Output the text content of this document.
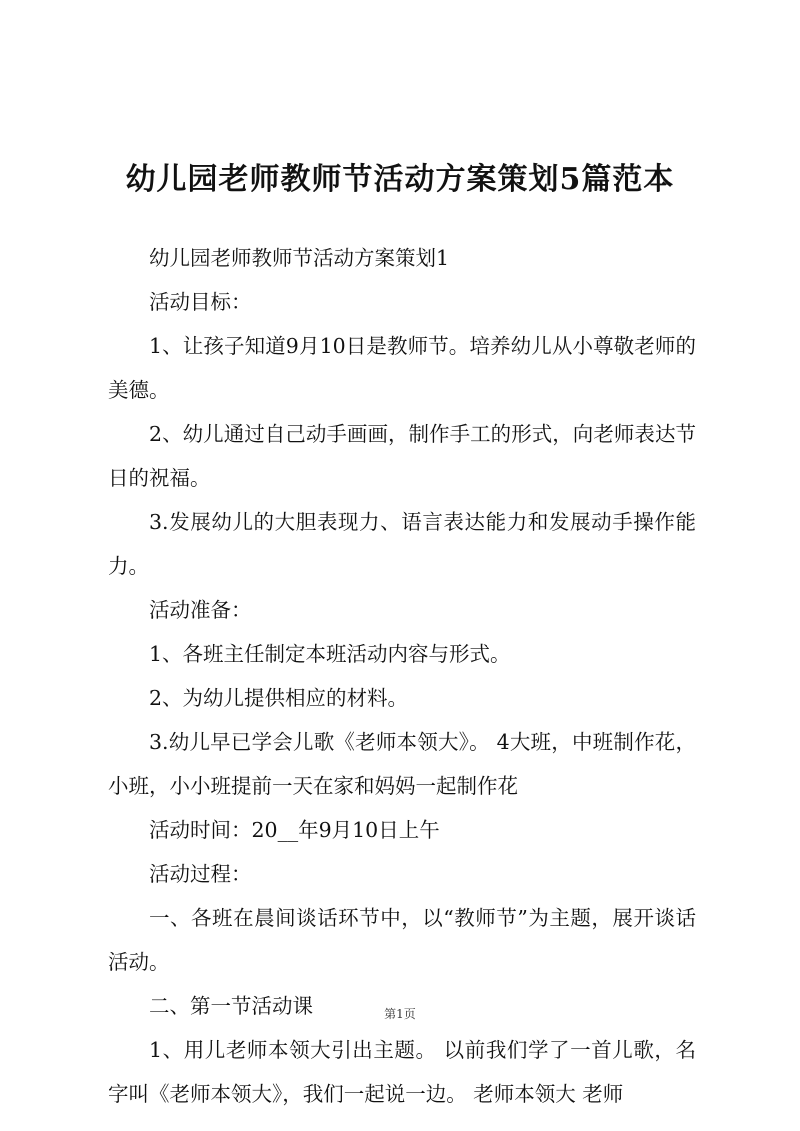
幼儿园老师教师节活动方案策划5篇范本

幼儿园老师教师节活动方案策划1

活动目标：

1、让孩子知道9月10日是教师节。培养幼儿从小尊敬老师的美德。

2、幼儿通过自己动手画画，制作手工的形式，向老师表达节日的祝福。

3.发展幼儿的大胆表现力、语言表达能力和发展动手操作能力。

活动准备：

1、各班主任制定本班活动内容与形式。

2、为幼儿提供相应的材料。

3.幼儿早已学会儿歌《老师本领大》。 4大班，中班制作花，小班，小小班提前一天在家和妈妈一起制作花

活动时间：20__年9月10日上午

活动过程：

一、各班在晨间谈话环节中，以“教师节”为主题，展开谈话活动。

二、第一节活动课

1、用儿老师本领大引出主题。 以前我们学了一首儿歌，名字叫《老师本领大》，我们一起说一边。 老师本领大 老师

第1页
